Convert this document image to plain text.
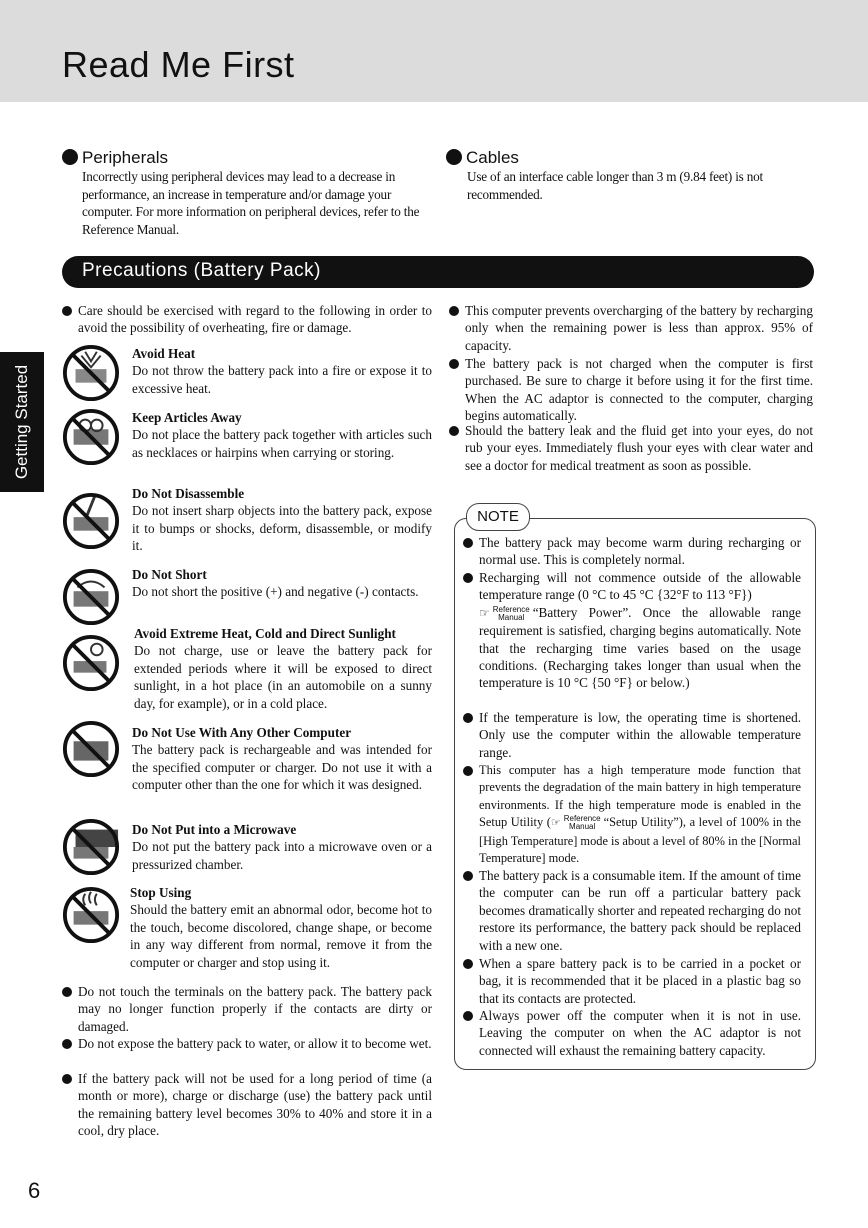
Read Me First
Getting Started
Peripherals
Incorrectly using peripheral devices may lead to a decrease in performance, an increase in temperature and/or damage your computer. For more information on peripheral devices, refer to the Reference Manual.
Cables
Use of an interface cable longer than 3 m (9.84 feet) is not recommended.
Precautions (Battery Pack)
Care should be exercised with regard to the following in order to avoid the possibility of overheating, fire or damage.
Avoid Heat
Do not throw the battery pack into a fire or expose it to excessive heat.
Keep Articles Away
Do not place the battery pack together with articles such as necklaces or hairpins when carrying or storing.
Do Not Disassemble
Do not insert sharp objects into the battery pack, expose it to bumps or shocks, deform, disassemble, or modify it.
Do Not Short
Do not short the positive (+) and negative (-) contacts.
Avoid Extreme Heat, Cold and Direct Sunlight
Do not charge, use or leave the battery pack for extended periods where it will be exposed to direct sunlight, in a hot place (in an automobile on a sunny day, for example), or in a cold place.
Do Not Use With Any Other Computer
The battery pack is rechargeable and was intended for the specified computer or charger. Do not use it with a computer other than the one for which it was designed.
Do Not Put into a Microwave
Do not put the battery pack into a microwave oven or a pressurized chamber.
Stop Using
Should the battery emit an abnormal odor, become hot to the touch, become discolored, change shape, or become in any way different from normal, remove it from the computer or charger and stop using it.
Do not touch the terminals on the battery pack. The battery pack may no longer function properly if the contacts are dirty or damaged.
Do not expose the battery pack to water, or allow it to become wet.
If the battery pack will not be used for a long period of time (a month or more), charge or discharge (use) the battery pack until the remaining battery level becomes 30% to 40% and store it in a cool, dry place.
This computer prevents overcharging of the battery by recharging only when the remaining power is less than approx. 95% of capacity.
The battery pack is not charged when the computer is first purchased. Be sure to charge it before using it for the first time. When the AC adaptor is connected to the computer, charging begins automatically.
Should the battery leak and the fluid get into your eyes, do not rub your eyes. Immediately flush your eyes with clear water and see a doctor for medical treatment as soon as possible.
NOTE
The battery pack may become warm during recharging or normal use. This is completely normal.
Recharging will not commence outside of the allowable temperature range (0 °C to 45 °C {32°F to 113 °F})
☞ Reference
Manual “Battery Power”. Once the allowable range requirement is satisfied, charging begins automatically. Note that the recharging time varies based on the usage conditions. (Recharging takes longer than usual when the temperature is 10 °C {50 °F} or below.)
If the temperature is low, the operating time is shortened. Only use the computer within the allowable temperature range.
This computer has a high temperature mode function that prevents the degradation of the main battery in high temperature environments. If the high temperature mode is enabled in the Setup Utility (☞ Reference
Manual “Setup Utility”), a level of 100% in the [High Temperature] mode is about a level of 80% in the [Normal Temperature] mode.
The battery pack is a consumable item. If the amount of time the computer can be run off a particular battery pack becomes dramatically shorter and repeated recharging do not restore its performance, the battery pack should be replaced with a new one.
When a spare battery pack is to be carried in a pocket or bag, it is recommended that it be placed in a plastic bag so that its contacts are protected.
Always power off the computer when it is not in use. Leaving the computer on when the AC adaptor is not connected will exhaust the remaining battery capacity.
6
